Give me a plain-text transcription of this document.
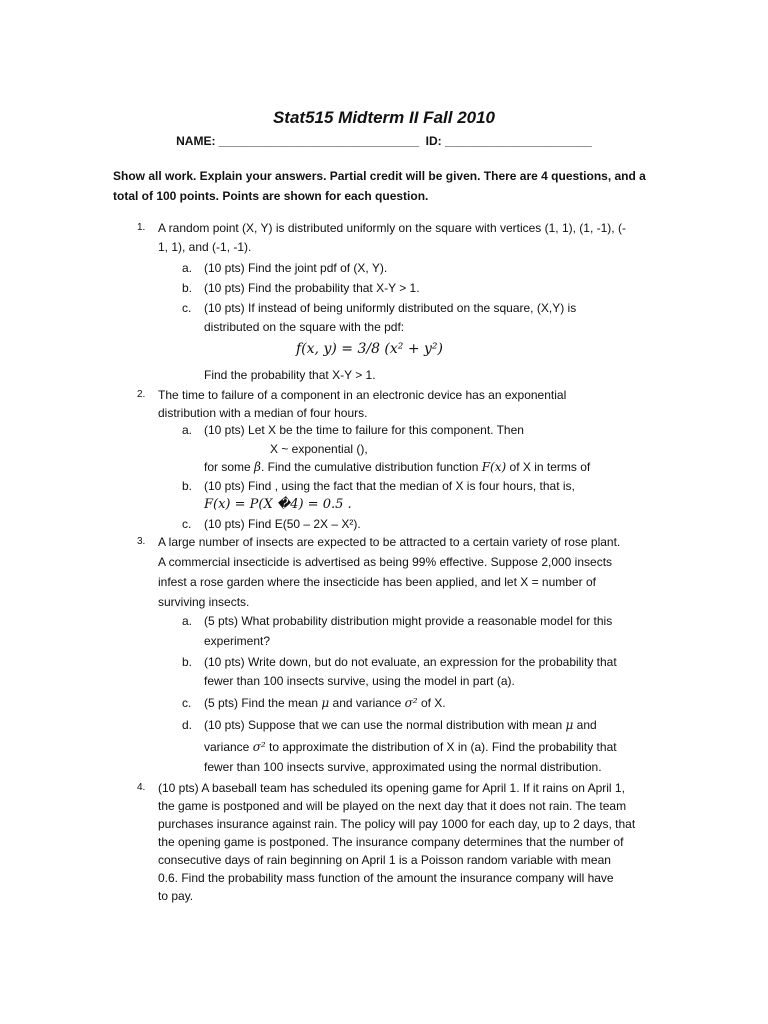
Stat515 Midterm II Fall 2010
NAME: ______________________________  ID: ______________________
Show all work. Explain your answers. Partial credit will be given. There are 4 questions, and a total of 100 points. Points are shown for each question.
1. A random point (X, Y) is distributed uniformly on the square with vertices (1, 1), (1, -1), (-
1, 1), and (-1, -1).
a. (10 pts) Find the joint pdf of (X, Y).
b. (10 pts) Find the probability that X-Y > 1.
c. (10 pts) If instead of being uniformly distributed on the square, (X,Y) is
distributed on the square with the pdf:
f(x, y) = 3/8 (x² + y²)
Find the probability that X-Y > 1.
2. The time to failure of a component in an electronic device has an exponential
distribution with a median of four hours.
a. (10 pts) Let X be the time to failure for this component. Then
X ~ exponential (),
for some β. Find the cumulative distribution function F(x) of X in terms of
b. (10 pts) Find , using the fact that the median of X is four hours, that is,
F(x) = P(X �4) = 0.5 .
c. (10 pts) Find E(50 – 2X – X²).
3. A large number of insects are expected to be attracted to a certain variety of rose plant.
A commercial insecticide is advertised as being 99% effective. Suppose 2,000 insects
infest a rose garden where the insecticide has been applied, and let X = number of
surviving insects.
a. (5 pts) What probability distribution might provide a reasonable model for this
experiment?
b. (10 pts) Write down, but do not evaluate, an expression for the probability that
fewer than 100 insects survive, using the model in part (a).
c. (5 pts) Find the mean μ and variance σ² of X.
d. (10 pts) Suppose that we can use the normal distribution with mean μ and
variance σ² to approximate the distribution of X in (a). Find the probability that
fewer than 100 insects survive, approximated using the normal distribution.
4. (10 pts) A baseball team has scheduled its opening game for April 1. If it rains on April 1,
the game is postponed and will be played on the next day that it does not rain. The team
purchases insurance against rain. The policy will pay 1000 for each day, up to 2 days, that
the opening game is postponed. The insurance company determines that the number of
consecutive days of rain beginning on April 1 is a Poisson random variable with mean
0.6. Find the probability mass function of the amount the insurance company will have
to pay.
